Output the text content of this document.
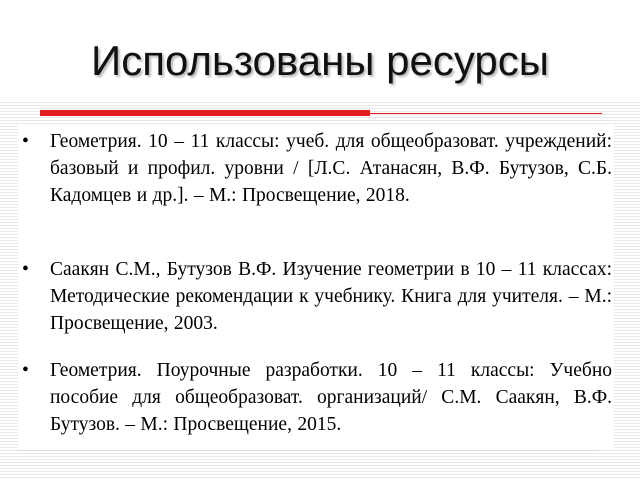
Использованы ресурсы
•	Геометрия. 10 – 11 классы: учеб. для общеобразоват. учреждений: базовый и профил. уровни / [Л.С. Атанасян, В.Ф. Бутузов, С.Б. Кадомцев и др.]. – М.: Просвещение, 2018.
•	Саакян С.М., Бутузов В.Ф. Изучение геометрии в 10 – 11 классах: Методические рекомендации к учебнику. Книга для учителя. – М.: Просвещение, 2003.
•	Геометрия. Поурочные разработки. 10 – 11 классы: Учебно пособие для общеобразоват. организаций/ С.М. Саакян, В.Ф. Бутузов. – М.: Просвещение, 2015.
